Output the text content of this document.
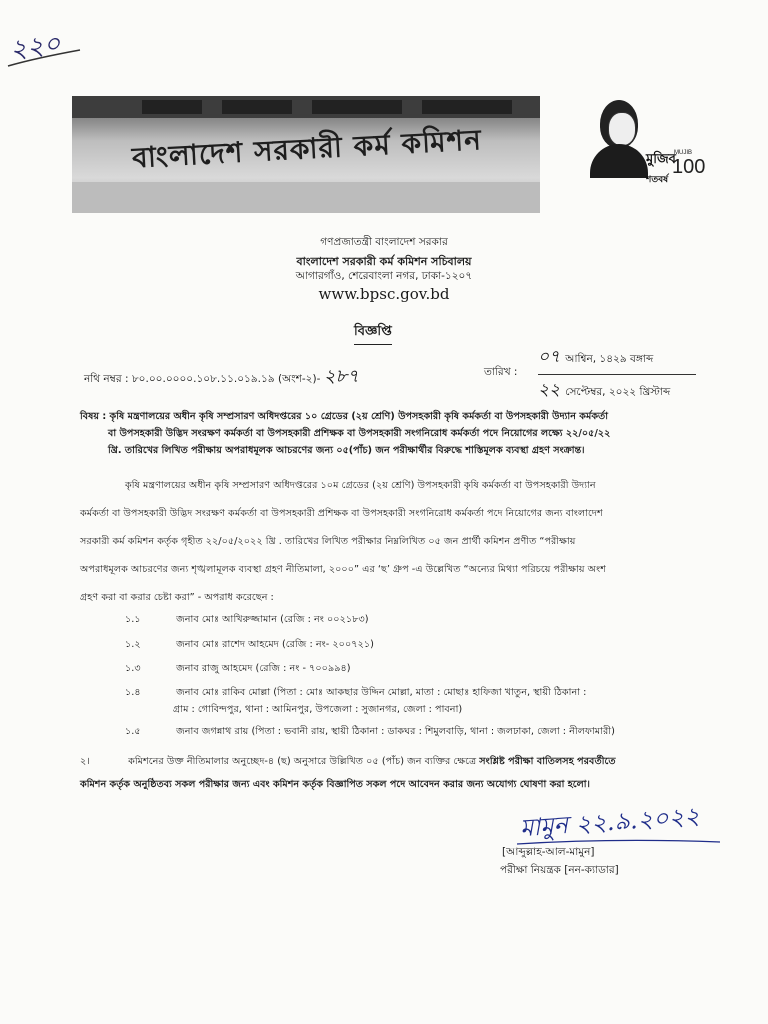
২২০
বাংলাদেশ সরকারী কর্ম কমিশন	মুজিব
শতবর্ষ
MUJIB
100
গণপ্রজাতন্ত্রী বাংলাদেশ সরকার
বাংলাদেশ সরকারী কর্ম কমিশন সচিবালয়
আগারগাঁও, শেরেবাংলা নগর, ঢাকা-১২০৭
www.bpsc.gov.bd
বিজ্ঞপ্তি
নথি নম্বর : ৮০.০০.০০০০.১০৮.১১.০১৯.১৯ (অংশ-২)- ২৮৭	তারিখ :
০৭ আশ্বিন, ১৪২৯ বঙ্গাব্দ
২২ সেপ্টেম্বর, ২০২২ খ্রিস্টাব্দ
বিষয় : কৃষি মন্ত্রণালয়ের অধীন কৃষি সম্প্রসারণ অধিদপ্তরের ১০ গ্রেডের (২য় শ্রেণি) উপসহকারী কৃষি কর্মকর্তা বা উপসহকারী উদ্যান কর্মকর্তা
বা উপসহকারী উদ্ভিদ সংরক্ষণ কর্মকর্তা বা উপসহকারী প্রশিক্ষক বা উপসহকারী সংগনিরোধ কর্মকর্তা পদে নিয়োগের লক্ষ্যে ২২/০৫/২২
খ্রি. তারিখের লিখিত পরীক্ষায় অপরাধমূলক আচরণের জন্য ০৫(পাঁচ) জন পরীক্ষার্থীর বিরুদ্ধে শাস্তিমূলক ব্যবস্থা গ্রহণ সংক্রান্ত।
কৃষি মন্ত্রণালয়ের অধীন কৃষি সম্প্রসারণ অধিদপ্তরের ১০ম গ্রেডের (২য় শ্রেণি) উপসহকারী কৃষি কর্মকর্তা বা উপসহকারী উদ্যান
কর্মকর্তা বা উপসহকারী উদ্ভিদ সংরক্ষণ কর্মকর্তা বা উপসহকারী প্রশিক্ষক বা উপসহকারী সংগনিরোধ কর্মকর্তা পদে নিয়োগের জন্য বাংলাদেশ
সরকারী কর্ম কমিশন কর্তৃক গৃহীত ২২/০৫/২০২২ খ্রি . তারিখের লিখিত পরীক্ষার নিম্নলিখিত ০৫ জন প্রার্থী কমিশন প্রণীত “পরীক্ষায়
অপরাধমূলক আচরণের জন্য শৃঙ্খলামূলক ব্যবস্থা গ্রহণ নীতিমালা, ২০০০” এর ‘ছ’ গ্রুপ -এ উল্লেখিত “অন্যের মিথ্যা পরিচয়ে পরীক্ষায় অংশ
গ্রহণ করা বা করার চেষ্টা করা” - অপরাধ করেছেন :
১.১	জনাব মোঃ আখিরুজ্জামান (রেজি : নং ০০২১৮৩)
১.২	জনাব মোঃ রাশেদ আহমেদ (রেজি : নং- ২০০৭২১)
১.৩	জনাব রাজু আহমেদ (রেজি : নং - ৭০০৯৯৪)
১.৪	জনাব মোঃ রাকিব মোল্লা (পিতা : মোঃ আকছার উদ্দিন মোল্লা, মাতা : মোছাঃ হাফিজা খাতুন, স্থায়ী ঠিকানা :
গ্রাম : গোবিন্দপুর, থানা : আমিনপুর, উপজেলা : সুজানগর, জেলা : পাবনা)
১.৫	জনাব জগন্নাথ রায় (পিতা : ভবানী রায়, স্থায়ী ঠিকানা : ডাকঘর : শিমুলবাড়ি, থানা : জলঢাকা, জেলা : নীলফামারী)
২।	কমিশনের উক্ত নীতিমালার অনুচ্ছেদ-৪ (ছ) অনুসারে উল্লিখিত ০৫ (পাঁচ) জন ব্যক্তির ক্ষেত্রে সংশ্লিষ্ট পরীক্ষা বাতিলসহ পরবর্তীতে
কমিশন কর্তৃক অনুষ্ঠিতব্য সকল পরীক্ষার জন্য এবং কমিশন কর্তৃক বিজ্ঞাপিত সকল পদে আবেদন করার জন্য অযোগ্য ঘোষণা করা হলো।
মামুন ২২.৯.২০২২
[আব্দুল্লাহ-আল-মামুন]
পরীক্ষা নিয়ন্ত্রক [নন-ক্যাডার]
